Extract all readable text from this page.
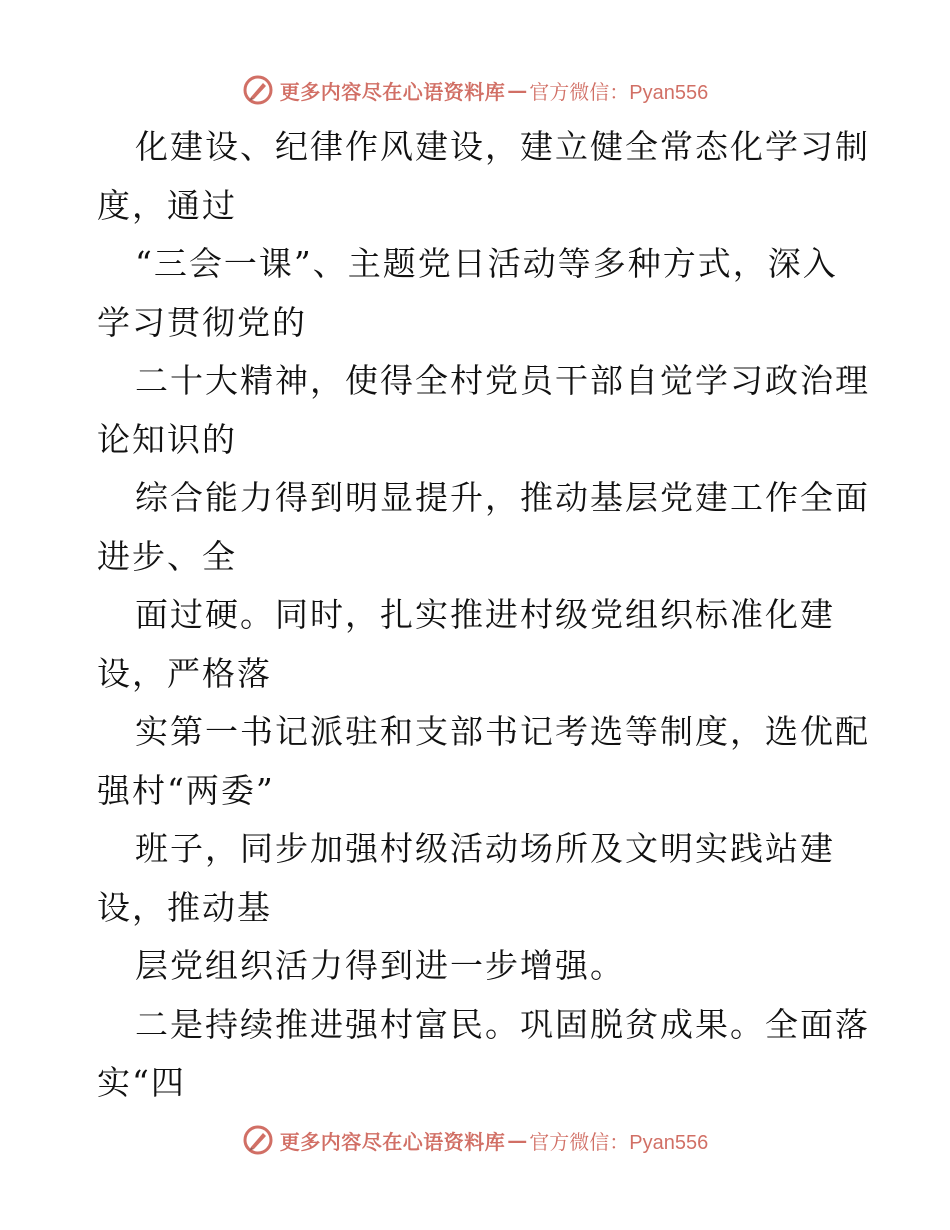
更多内容尽在心语资料库 — 官方微信：Pyan556
化建设、纪律作风建设，建立健全常态化学习制
度，通过
“三会一课”、主题党日活动等多种方式，深入
学习贯彻党的
二十大精神，使得全村党员干部自觉学习政治理
论知识的
综合能力得到明显提升，推动基层党建工作全面
进步、全
面过硬。同时，扎实推进村级党组织标准化建
设，严格落
实第一书记派驻和支部书记考选等制度，选优配
强村“两委”
班子，同步加强村级活动场所及文明实践站建
设，推动基
层党组织活力得到进一步增强。
二是持续推进强村富民。巩固脱贫成果。全面落
实“四
更多内容尽在心语资料库 — 官方微信：Pyan556
